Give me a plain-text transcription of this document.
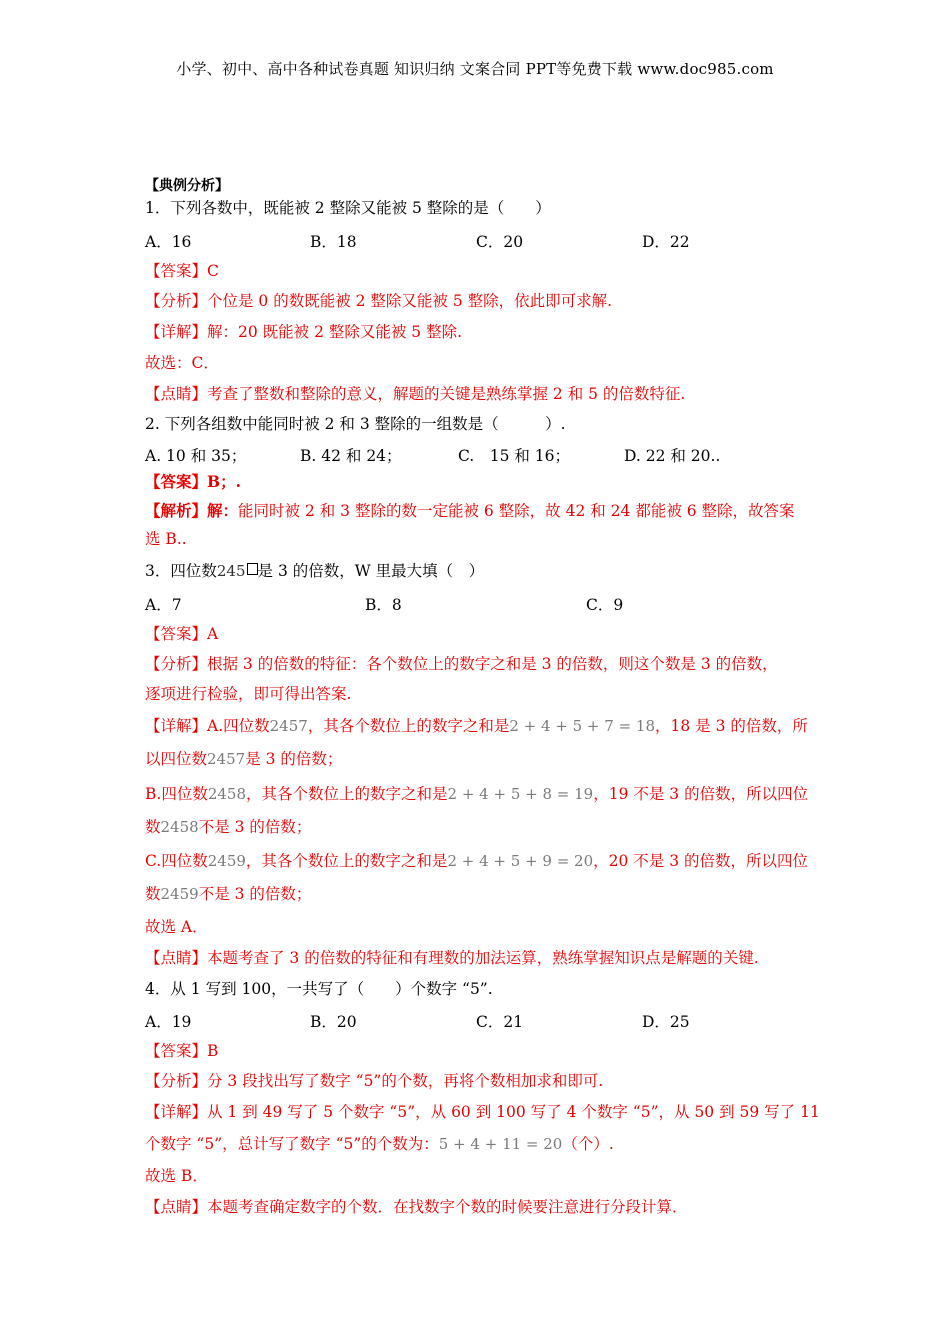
小学、初中、高中各种试卷真题 知识归纳 文案合同 PPT等免费下载 www.doc985.com
【典例分析】
1．下列各数中，既能被 2 整除又能被 5 整除的是（　　）
A．16	B．18	C．20	D．22
【答案】C
【分析】个位是 0 的数既能被 2 整除又能被 5 整除，依此即可求解.
【详解】解：20 既能被 2 整除又能被 5 整除.
故选：C．
【点睛】考查了整数和整除的意义，解题的关键是熟练掌握 2 和 5 的倍数特征.
2. 下列各组数中能同时被 2 和 3 整除的一组数是（　　　）.
A. 10 和 35；	B. 42 和 24；	C.　15 和 16；	D. 22 和 20..
【答案】B；.
【解析】解：能同时被 2 和 3 整除的数一定能被 6 整除，故 42 和 24 都能被 6 整除，故答案
选 B..
3．四位数245 是 3 的倍数，W 里最大填（　）
A．7	B．8	C．9
【答案】A
【分析】根据 3 的倍数的特征：各个数位上的数字之和是 3 的倍数，则这个数是 3 的倍数，
逐项进行检验，即可得出答案.
【详解】A.四位数2457，其各个数位上的数字之和是2 + 4 + 5 + 7 = 18，18 是 3 的倍数，所
以四位数2457是 3 的倍数；
B.四位数2458，其各个数位上的数字之和是2 + 4 + 5 + 8 = 19，19 不是 3 的倍数，所以四位
数2458不是 3 的倍数；
C.四位数2459，其各个数位上的数字之和是2 + 4 + 5 + 9 = 20，20 不是 3 的倍数，所以四位
数2459不是 3 的倍数；
故选 A．
【点睛】本题考查了 3 的倍数的特征和有理数的加法运算，熟练掌握知识点是解题的关键.
4．从 1 写到 100，一共写了（　　）个数字 “5”.
A．19	B．20	C．21	D．25
【答案】B
【分析】分 3 段找出写了数字 “5”的个数，再将个数相加求和即可.
【详解】从 1 到 49 写了 5 个数字 “5”，从 60 到 100 写了 4 个数字 “5”，从 50 到 59 写了 11
个数字 “5”，总计写了数字 “5”的个数为：5 + 4 + 11 = 20（个）.
故选 B．
【点睛】本题考查确定数字的个数．在找数字个数的时候要注意进行分段计算．
